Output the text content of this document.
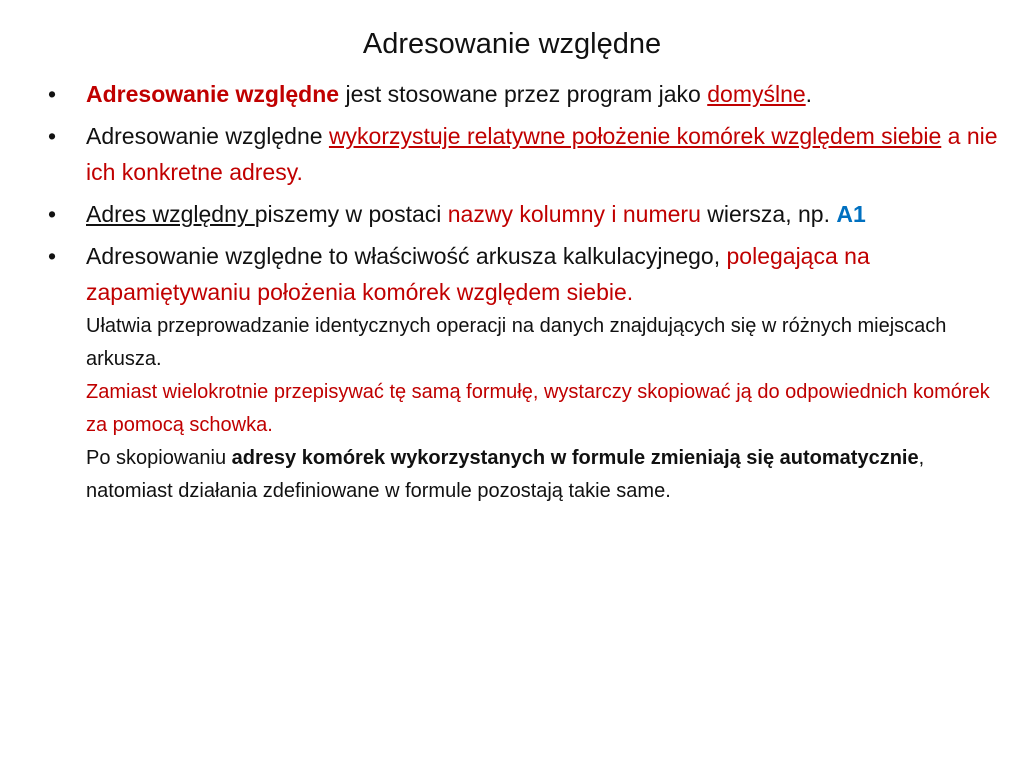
Adresowanie względne
•	Adresowanie względne jest stosowane przez program jako domyślne.
•	Adresowanie względne wykorzystuje relatywne położenie komórek względem siebie a nie ich konkretne adresy.
•	Adres względny piszemy w postaci nazwy kolumny i numeru wiersza, np. A1
•	Adresowanie względne to właściwość arkusza kalkulacyjnego, polegająca na zapamiętywaniu położenia komórek względem siebie.
Ułatwia przeprowadzanie identycznych operacji na danych znajdujących się w różnych miejscach arkusza.
Zamiast wielokrotnie przepisywać tę samą formułę, wystarczy skopiować ją do odpowiednich komórek za pomocą schowka.
Po skopiowaniu adresy komórek wykorzystanych w formule zmieniają się automatycznie, natomiast działania zdefiniowane w formule pozostają takie same.
